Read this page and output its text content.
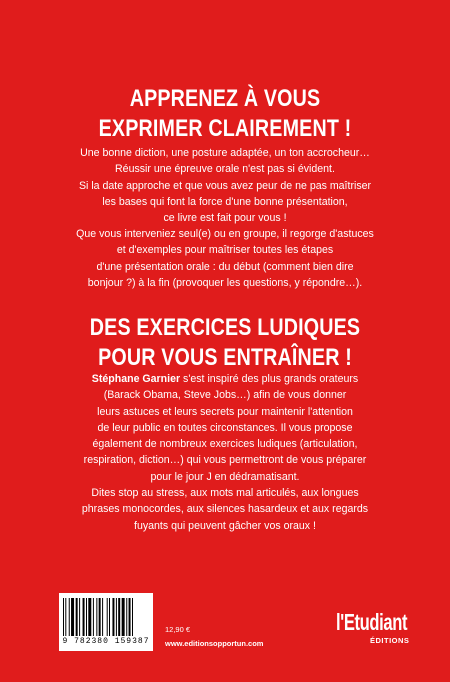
APPRENEZ À VOUS EXPRIMER CLAIREMENT !
Une bonne diction, une posture adaptée, un ton accrocheur…
Réussir une épreuve orale n'est pas si évident.
Si la date approche et que vous avez peur de ne pas maîtriser
les bases qui font la force d'une bonne présentation,
ce livre est fait pour vous !
Que vous interveniez seul(e) ou en groupe, il regorge d'astuces
et d'exemples pour maîtriser toutes les étapes
d'une présentation orale : du début (comment bien dire
bonjour ?) à la fin (provoquer les questions, y répondre…).
DES EXERCICES LUDIQUES
POUR VOUS ENTRAÎNER !
Stéphane Garnier s'est inspiré des plus grands orateurs
(Barack Obama, Steve Jobs…) afin de vous donner
leurs astuces et leurs secrets pour maintenir l'attention
de leur public en toutes circonstances. Il vous propose
également de nombreux exercices ludiques (articulation,
respiration, diction…) qui vous permettront de vous préparer
pour le jour J en dédramatisant.
Dites stop au stress, aux mots mal articulés, aux longues
phrases monocordes, aux silences hasardeux et aux regards
fuyants qui peuvent gâcher vos oraux !
9 782380 159387
12,90 €
www.editionsopportun.com
l'Etudiant
ÉDITIONS
